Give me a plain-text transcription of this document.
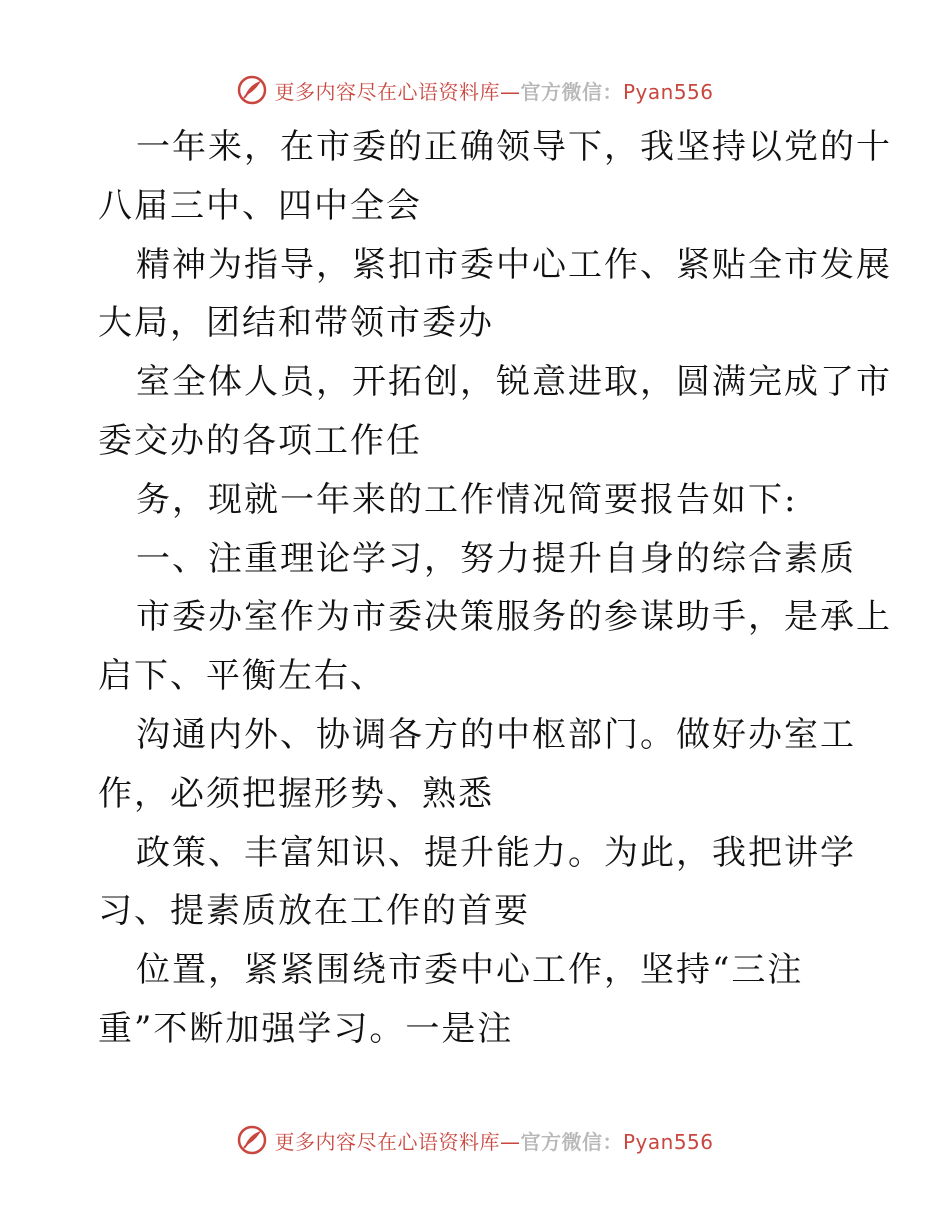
更多内容尽在心语资料库—官方微信：Pyan556
一年来，在市委的正确领导下，我坚持以党的十
八届三中、四中全会
精神为指导，紧扣市委中心工作、紧贴全市发展
大局，团结和带领市委办
室全体人员，开拓创，锐意进取，圆满完成了市
委交办的各项工作任
务，现就一年来的工作情况简要报告如下:
一、注重理论学习，努力提升自身的综合素质
市委办室作为市委决策服务的参谋助手，是承上
启下、平衡左右、
沟通内外、协调各方的中枢部门。做好办室工
作，必须把握形势、熟悉
政策、丰富知识、提升能力。为此，我把讲学
习、提素质放在工作的首要
位置，紧紧围绕市委中心工作，坚持“三注
重”不断加强学习。一是注
更多内容尽在心语资料库—官方微信：Pyan556
